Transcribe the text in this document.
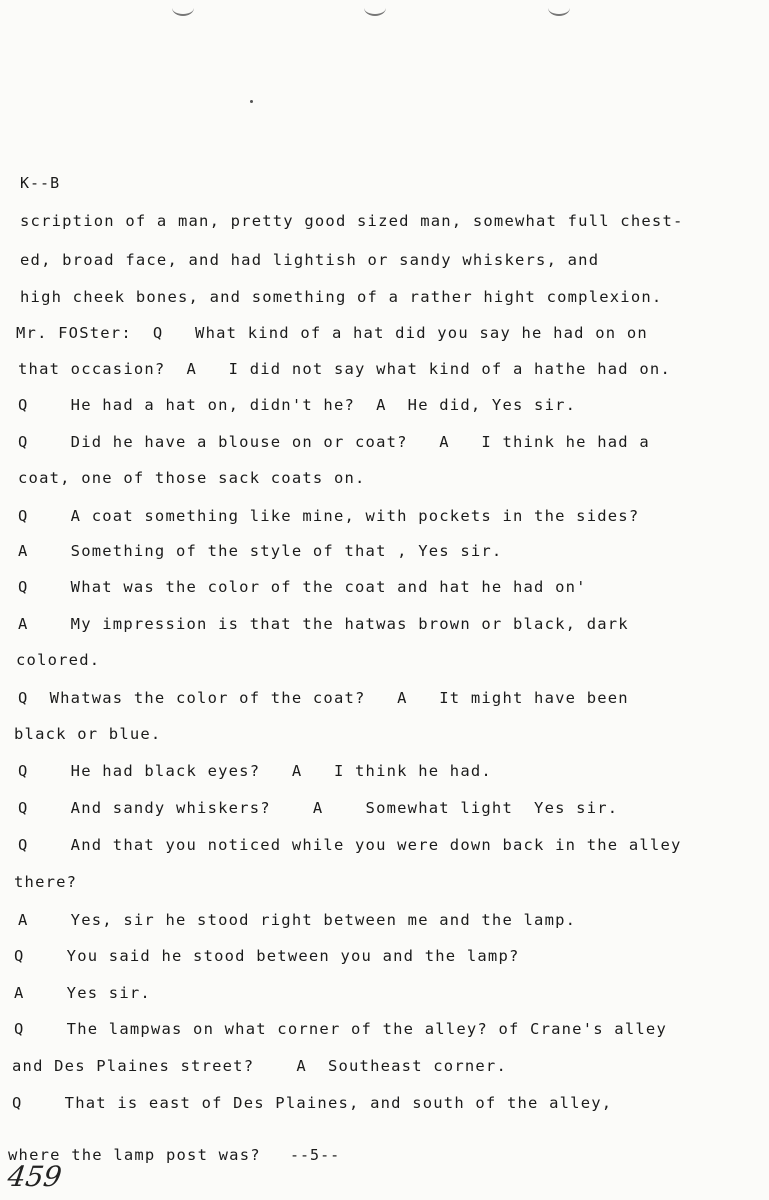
K--B
scription of a man, pretty good sized man, somewhat full chest-
ed, broad face, and had lightish or sandy whiskers, and
high cheek bones, and something of a rather hight complexion.
Mr. FOSter:  Q   What kind of a hat did you say he had on on
that occasion?  A   I did not say what kind of a hathe had on.
Q    He had a hat on, didn't he?  A  He did, Yes sir.
Q    Did he have a blouse on or coat?   A   I think he had a
coat, one of those sack coats on.
Q    A coat something like mine, with pockets in the sides?
A    Something of the style of that , Yes sir.
Q    What was the color of the coat and hat he had on'
A    My impression is that the hatwas brown or black, dark
colored.
Q  Whatwas the color of the coat?   A   It might have been
black or blue.
Q    He had black eyes?   A   I think he had.
Q    And sandy whiskers?    A    Somewhat light  Yes sir.
Q    And that you noticed while you were down back in the alley
there?
A    Yes, sir he stood right between me and the lamp.
Q    You said he stood between you and the lamp?
A    Yes sir.
Q    The lampwas on what corner of the alley? of Crane's alley
and Des Plaines street?    A  Southeast corner.
Q    That is east of Des Plaines, and south of the alley,
where the lamp post was?	--5--
459
